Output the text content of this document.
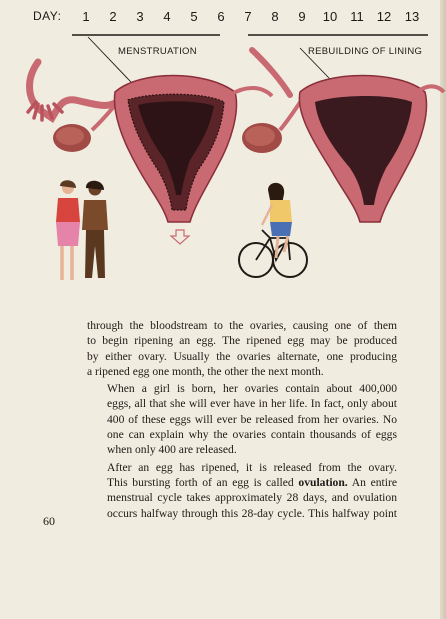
DAY:	1	2	3	4	5	6	7	8	9	10 11 12 13
MENSTRUATION	REBUILDING OF LINING

through the bloodstream to the ovaries, causing one of them
to begin ripening an egg. The ripened egg may be produced
by either ovary. Usually the ovaries alternate, one producing
a ripened egg one month, the other the next month.

When a girl is born, her ovaries contain about 400,000
eggs, all that she will ever have in her life. In fact, only about
400 of these eggs will ever be released from her ovaries. No
one can explain why the ovaries contain thousands of eggs
when only 400 are released.

After an egg has ripened, it is released from the ovary.
This bursting forth of an egg is called ovulation. An entire
menstrual cycle takes approximately 28 days, and ovulation
occurs halfway through this 28-day cycle. This halfway point

60
